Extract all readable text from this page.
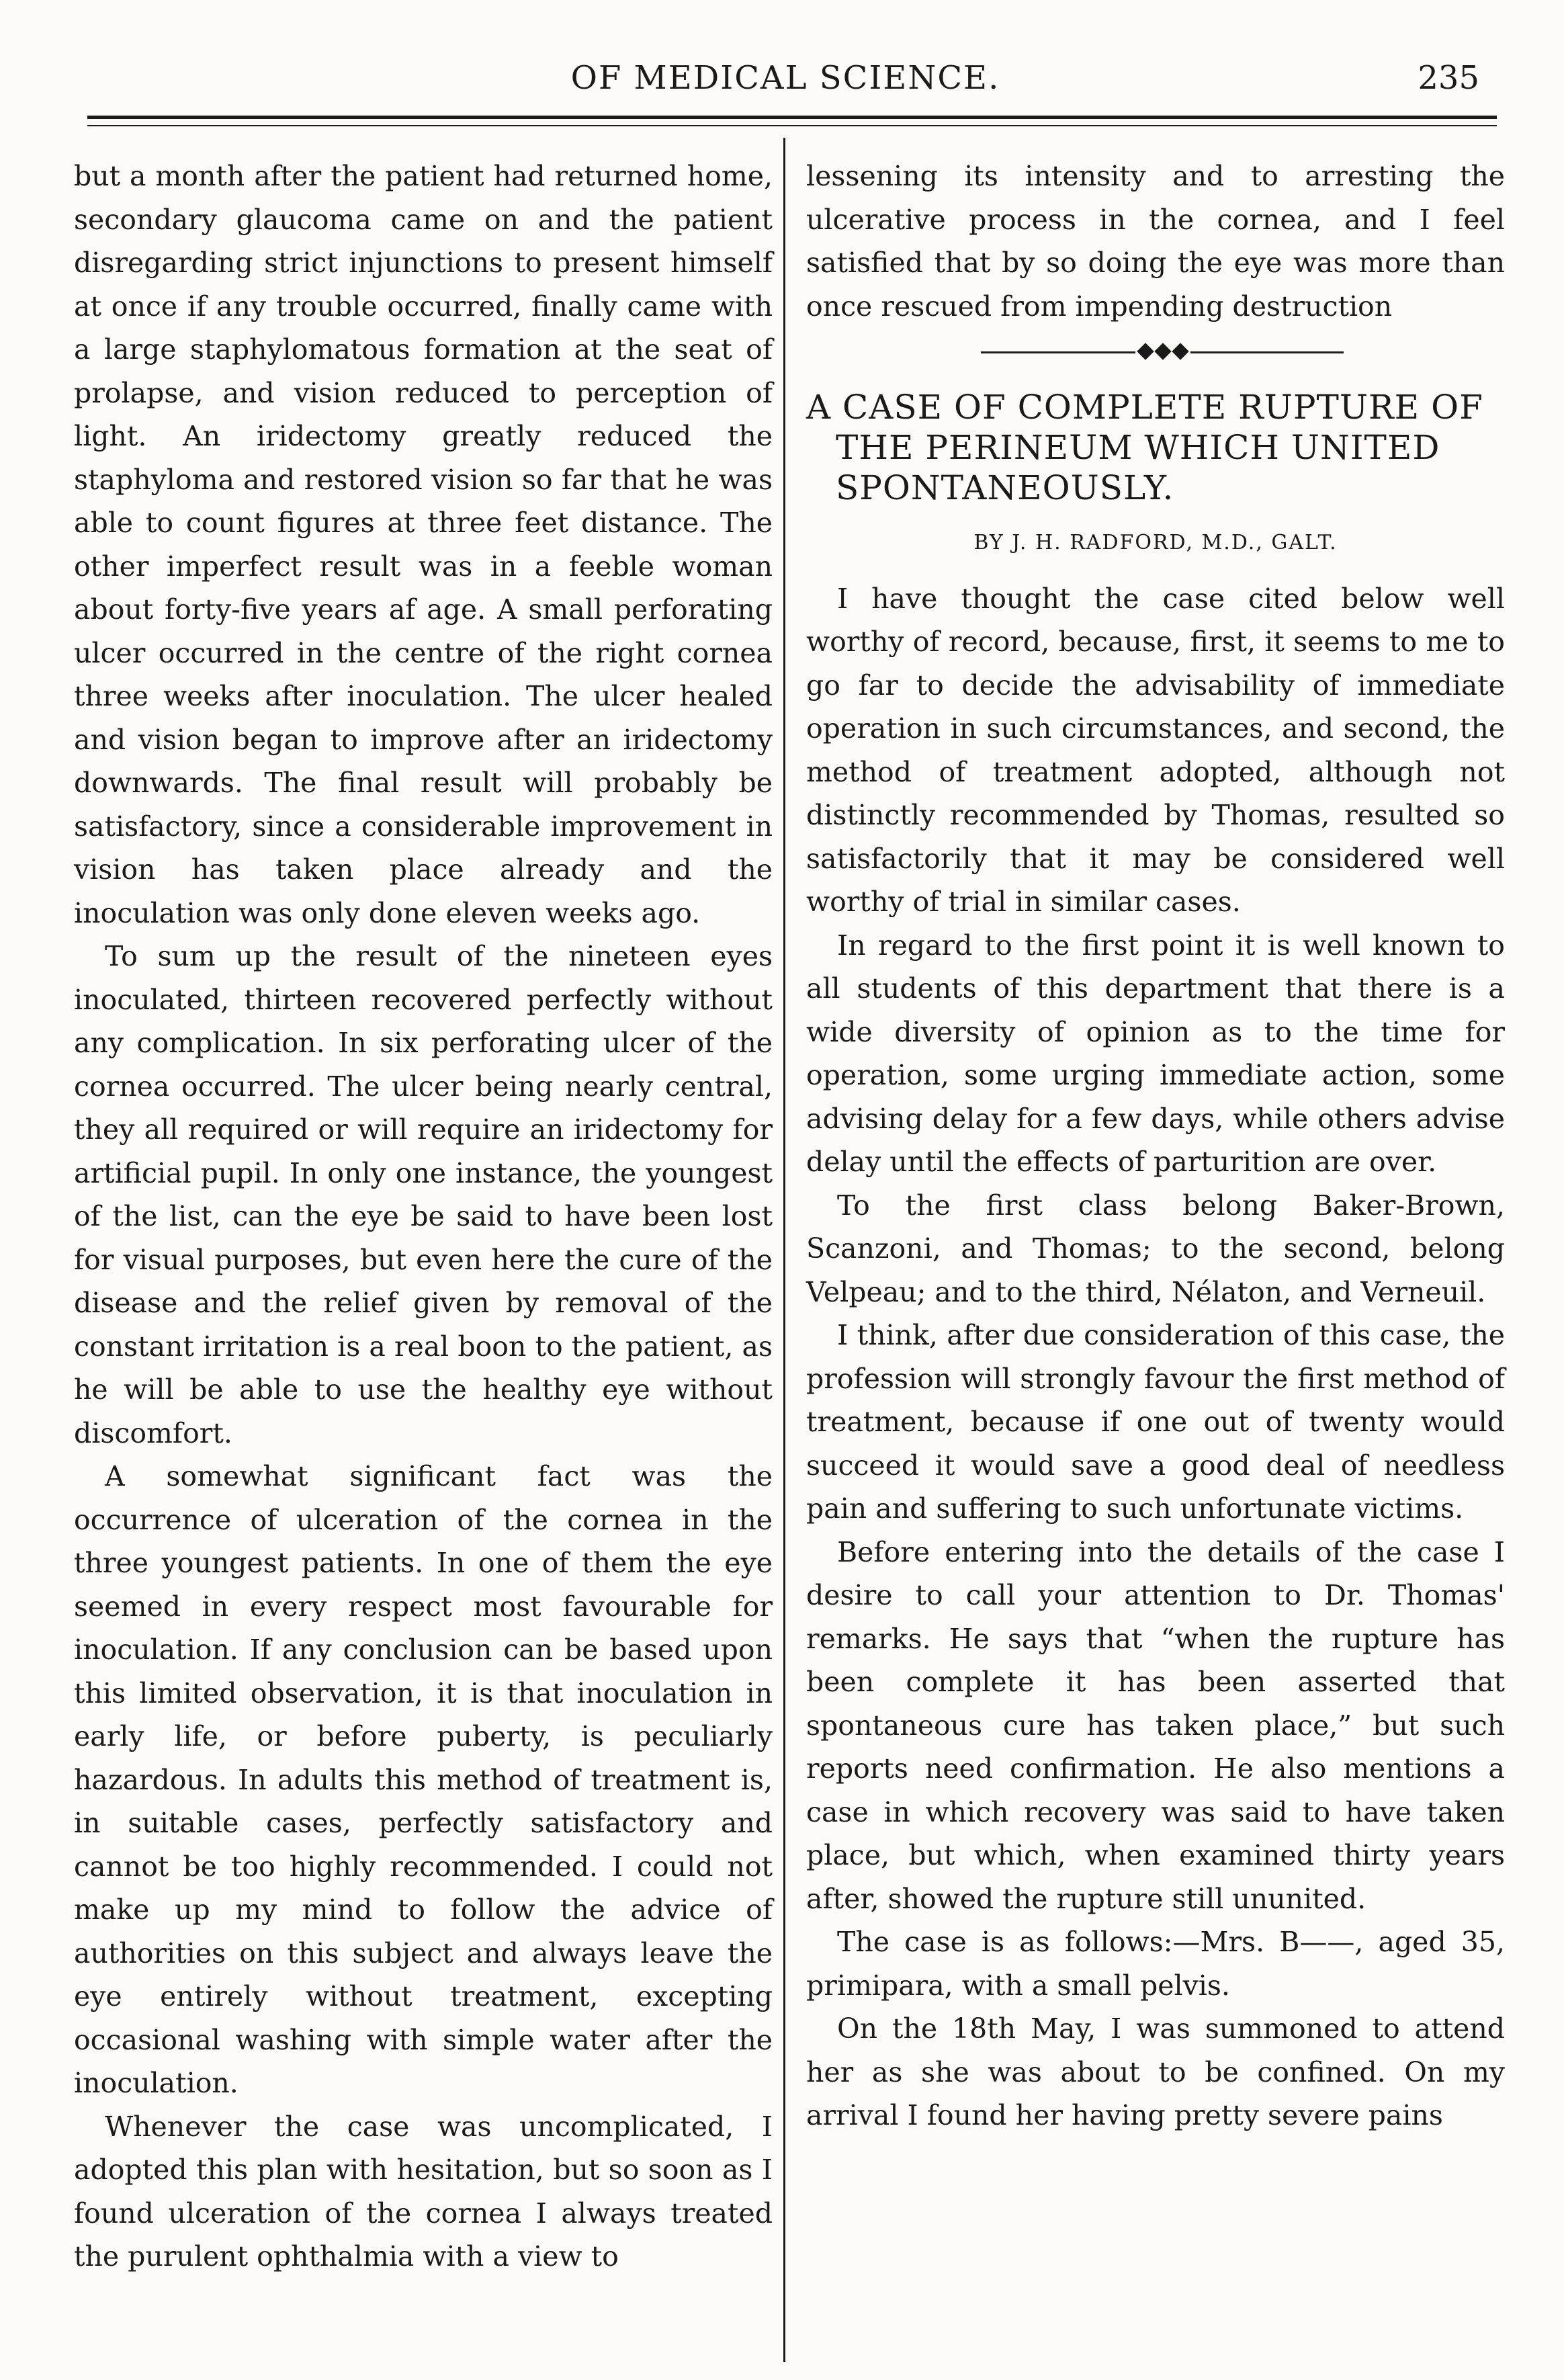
OF MEDICAL SCIENCE.	235

but a month after the patient had returned home, secondary glaucoma came on and the patient disregarding strict injunctions to present himself at once if any trouble occurred, finally came with a large staphylomatous formation at the seat of prolapse, and vision reduced to perception of light. An iridectomy greatly reduced the staphyloma and restored vision so far that he was able to count figures at three feet distance. The other imperfect result was in a feeble woman about forty-five years af age. A small perforating ulcer occurred in the centre of the right cornea three weeks after inoculation. The ulcer healed and vision began to improve after an iridectomy downwards. The final result will probably be satisfactory, since a considerable improvement in vision has taken place already and the inoculation was only done eleven weeks ago.

To sum up the result of the nineteen eyes inoculated, thirteen recovered perfectly without any complication. In six perforating ulcer of the cornea occurred. The ulcer being nearly central, they all required or will require an iridectomy for artificial pupil. In only one instance, the youngest of the list, can the eye be said to have been lost for visual purposes, but even here the cure of the disease and the relief given by removal of the constant irritation is a real boon to the patient, as he will be able to use the healthy eye without discomfort.

A somewhat significant fact was the occurrence of ulceration of the cornea in the three youngest patients. In one of them the eye seemed in every respect most favourable for inoculation. If any conclusion can be based upon this limited observation, it is that inoculation in early life, or before puberty, is peculiarly hazardous. In adults this method of treatment is, in suitable cases, perfectly satisfactory and cannot be too highly recommended. I could not make up my mind to follow the advice of authorities on this subject and always leave the eye entirely without treatment, excepting occasional washing with simple water after the inoculation.

Whenever the case was uncomplicated, I adopted this plan with hesitation, but so soon as I found ulceration of the cornea I always treated the purulent ophthalmia with a view to

lessening its intensity and to arresting the ulcerative process in the cornea, and I feel satisfied that by so doing the eye was more than once rescued from impending destruction

A CASE OF COMPLETE RUPTURE OF
THE PERINEUM WHICH UNITED
SPONTANEOUSLY.
BY J. H. RADFORD, M.D., GALT.

I have thought the case cited below well worthy of record, because, first, it seems to me to go far to decide the advisability of immediate operation in such circumstances, and second, the method of treatment adopted, although not distinctly recommended by Thomas, resulted so satisfactorily that it may be considered well worthy of trial in similar cases.

In regard to the first point it is well known to all students of this department that there is a wide diversity of opinion as to the time for operation, some urging immediate action, some advising delay for a few days, while others advise delay until the effects of parturition are over.

To the first class belong Baker-Brown, Scanzoni, and Thomas; to the second, belong Velpeau; and to the third, Nélaton, and Verneuil.

I think, after due consideration of this case, the profession will strongly favour the first method of treatment, because if one out of twenty would succeed it would save a good deal of needless pain and suffering to such unfortunate victims.

Before entering into the details of the case I desire to call your attention to Dr. Thomas' remarks. He says that “when the rupture has been complete it has been asserted that spontaneous cure has taken place,” but such reports need confirmation. He also mentions a case in which recovery was said to have taken place, but which, when examined thirty years after, showed the rupture still ununited.

The case is as follows:—Mrs. B——, aged 35, primipara, with a small pelvis.

On the 18th May, I was summoned to attend her as she was about to be confined. On my arrival I found her having pretty severe pains
